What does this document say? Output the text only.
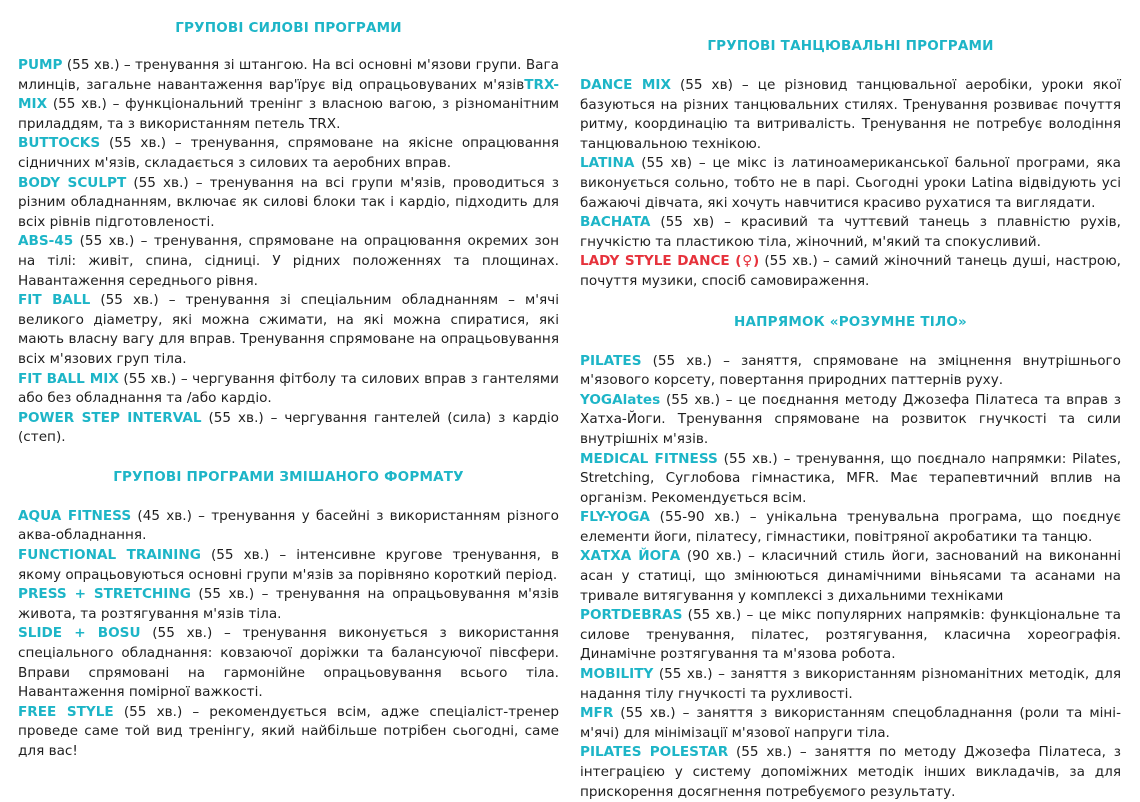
ГРУПОВІ СИЛОВІ ПРОГРАМИ

PUMP (55 хв.) – тренування зі штангою. На всі основні м'язови групи. Вага млинців, загальне навантаження вар'їрує від опрацьовуваних м'язівTRX-MIX (55 хв.) – функціональний тренінг з власною вагою, з різноманітним приладдям, та з використанням петель TRX.

BUTTOCKS (55 хв.) – тренування, спрямоване на якісне опрацювання сідничних м'язів, складається з силових та аеробних вправ.

BODY SCULPT (55 хв.) – тренування на всі групи м'язів, проводиться з різним обладнанням, включає як силові блоки так і кардіо, підходить для всіх рівнів підготовленості.

ABS-45 (55 хв.) – тренування, спрямоване на опрацювання окремих зон на тілі: живіт, спина, сідниці. У рідних положеннях та площинах. Навантаження середнього рівня.

FIT BALL (55 хв.) – тренування зі спеціальним обладнанням – м'ячі великого діаметру, які можна сжимати, на які можна спиратися, які мають власну вагу для вправ. Тренування спрямоване на опрацьовування всіх м'язових груп тіла.

FIT BALL MIX (55 хв.) – чергування фітболу та силових вправ з гантелями або без обладнання та /або кардіо.

POWER STEP INTERVAL (55 хв.) – чергування гантелей (сила) з кардіо (степ).

ГРУПОВІ ПРОГРАМИ ЗМІШАНОГО ФОРМАТУ

AQUA FITNESS (45 хв.) – тренування у басейні з використанням різного аква-обладнання.

FUNCTIONAL TRAINING (55 хв.) – інтенсивне кругове тренування, в якому опрацьовуються основні групи м'язів за порівняно короткий період.

PRESS + STRETCHING (55 хв.) – тренування на опрацьовування м'язів живота, та розтягування м'язів тіла.

SLIDE + BOSU (55 хв.) – тренування виконується з використання спеціального обладнання: ковзаючої доріжки та балансуючої півсфери. Вправи спрямовані на гармонійне опрацьовування всього тіла. Навантаження помірної важкості.

FREE STYLE (55 хв.) – рекомендується всім, адже спеціаліст-тренер проведе саме той вид тренінгу, який найбільше потрібен сьогодні, саме для вас!

ГРУПОВІ ТАНЦЮВАЛЬНІ ПРОГРАМИ

DANCE MIX (55 хв) – це різновид танцювальної аеробіки, уроки якої базуються на різних танцювальних стилях. Тренування розвиває почуття ритму, координацію та витривалість. Тренування не потребує володіння танцювальною технікою.

LATINA (55 хв) – це мікс із латиноамериканської бальної програми, яка виконується сольно, тобто не в парі. Сьогодні уроки Latina відвідують усі бажаючі дівчата, які хочуть навчитися красиво рухатися та виглядати.

BACHATA (55 хв) – красивий та чуттєвий танець з плавністю рухів, гнучкістю та пластикою тіла, жіночний, м'який та спокусливий.

LADY STYLE DANCE (♀) (55 хв.) – самий жіночний танець душі, настрою, почуття музики, спосіб самовираження.

НАПРЯМОК «РОЗУМНЕ ТІЛО»

PILATES (55 хв.) – заняття, спрямоване на зміцнення внутрішнього м'язового корсету, повертання природних паттернів руху.

YOGAlates (55 хв.) – це поєднання методу Джозефа Пілатеса та вправ з Хатха-Йоги. Тренування спрямоване на розвиток гнучкості та сили внутрішніх м'язів.

MEDICAL FITNESS (55 хв.) – тренування, що поєднало напрямки: Pilates, Stretching, Суглобова гімнастика, MFR. Має терапевтичний вплив на організм. Рекомендується всім.

FLY-YOGA (55-90 хв.) – унікальна тренувальна програма, що поєднує елементи йоги, пілатесу, гімнастики, повітряної акробатики та танцю.

ХАТХА ЙОГА (90 хв.) – класичний стиль йоги, заснований на виконанні асан у статиці, що змінюються динамічними віньясами та асанами на тривале витягування у комплексі з дихальними техніками

PORTDEBRAS (55 хв.) – це мікс популярних напрямків: функціональне та силове тренування, пілатес, розтягування, класична хореографія. Динамічне розтягування та м'язова робота.

MOBILITY (55 хв.) – заняття з використанням різноманітних методік, для надання тілу гнучкості та рухливості.

MFR (55 хв.) – заняття з використанням спецобладнання (роли та міні-м'ячі) для мінімізації м'язової напруги тіла.

PILATES POLESTAR (55 хв.) – заняття по методу Джозефа Пілатеса, з інтеграцією у систему допоміжних методік інших викладачів, за для прискорення досягнення потребуємого результату.
